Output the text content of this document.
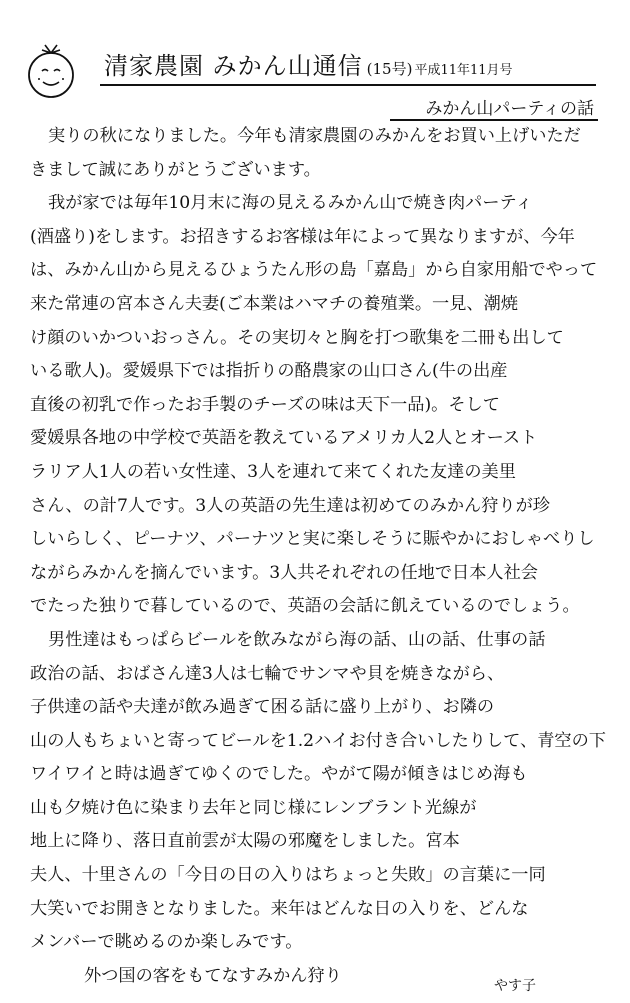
清家農園 みかん山通信 (15号) 平成11年11月号
みかん山パーティの話
実りの秋になりました。今年も清家農園のみかんをお買い上げいただ
きまして誠にありがとうございます。
我が家では毎年10月末に海の見えるみかん山で焼き肉パーティ
(酒盛り)をします。お招きするお客様は年によって異なりますが、今年
は、みかん山から見えるひょうたん形の島「嘉島」から自家用船でやって
来た常連の宮本さん夫妻(ご本業はハマチの養殖業。一見、潮焼
け顔のいかついおっさん。その実切々と胸を打つ歌集を二冊も出して
いる歌人)。愛媛県下では指折りの酪農家の山口さん(牛の出産
直後の初乳で作ったお手製のチーズの味は天下一品)。そして
愛媛県各地の中学校で英語を教えているアメリカ人2人とオースト
ラリア人1人の若い女性達、3人を連れて来てくれた友達の美里
さん、の計7人です。3人の英語の先生達は初めてのみかん狩りが珍
しいらしく、ピーナツ、パーナツと実に楽しそうに賑やかにおしゃべりし
ながらみかんを摘んでいます。3人共それぞれの任地で日本人社会
でたった独りで暮しているので、英語の会話に飢えているのでしょう。
男性達はもっぱらビールを飲みながら海の話、山の話、仕事の話
政治の話、おばさん達3人は七輪でサンマや貝を焼きながら、
子供達の話や夫達が飲み過ぎて困る話に盛り上がり、お隣の
山の人もちょいと寄ってビールを1.2ハイお付き合いしたりして、青空の下
ワイワイと時は過ぎてゆくのでした。やがて陽が傾きはじめ海も
山も夕焼け色に染まり去年と同じ様にレンブラント光線が
地上に降り、落日直前雲が太陽の邪魔をしました。宮本
夫人、十里さんの「今日の日の入りはちょっと失敗」の言葉に一同
大笑いでお開きとなりました。来年はどんな日の入りを、どんな
メンバーで眺めるのか楽しみです。
外つ国の客をもてなすみかん狩り	やす子
